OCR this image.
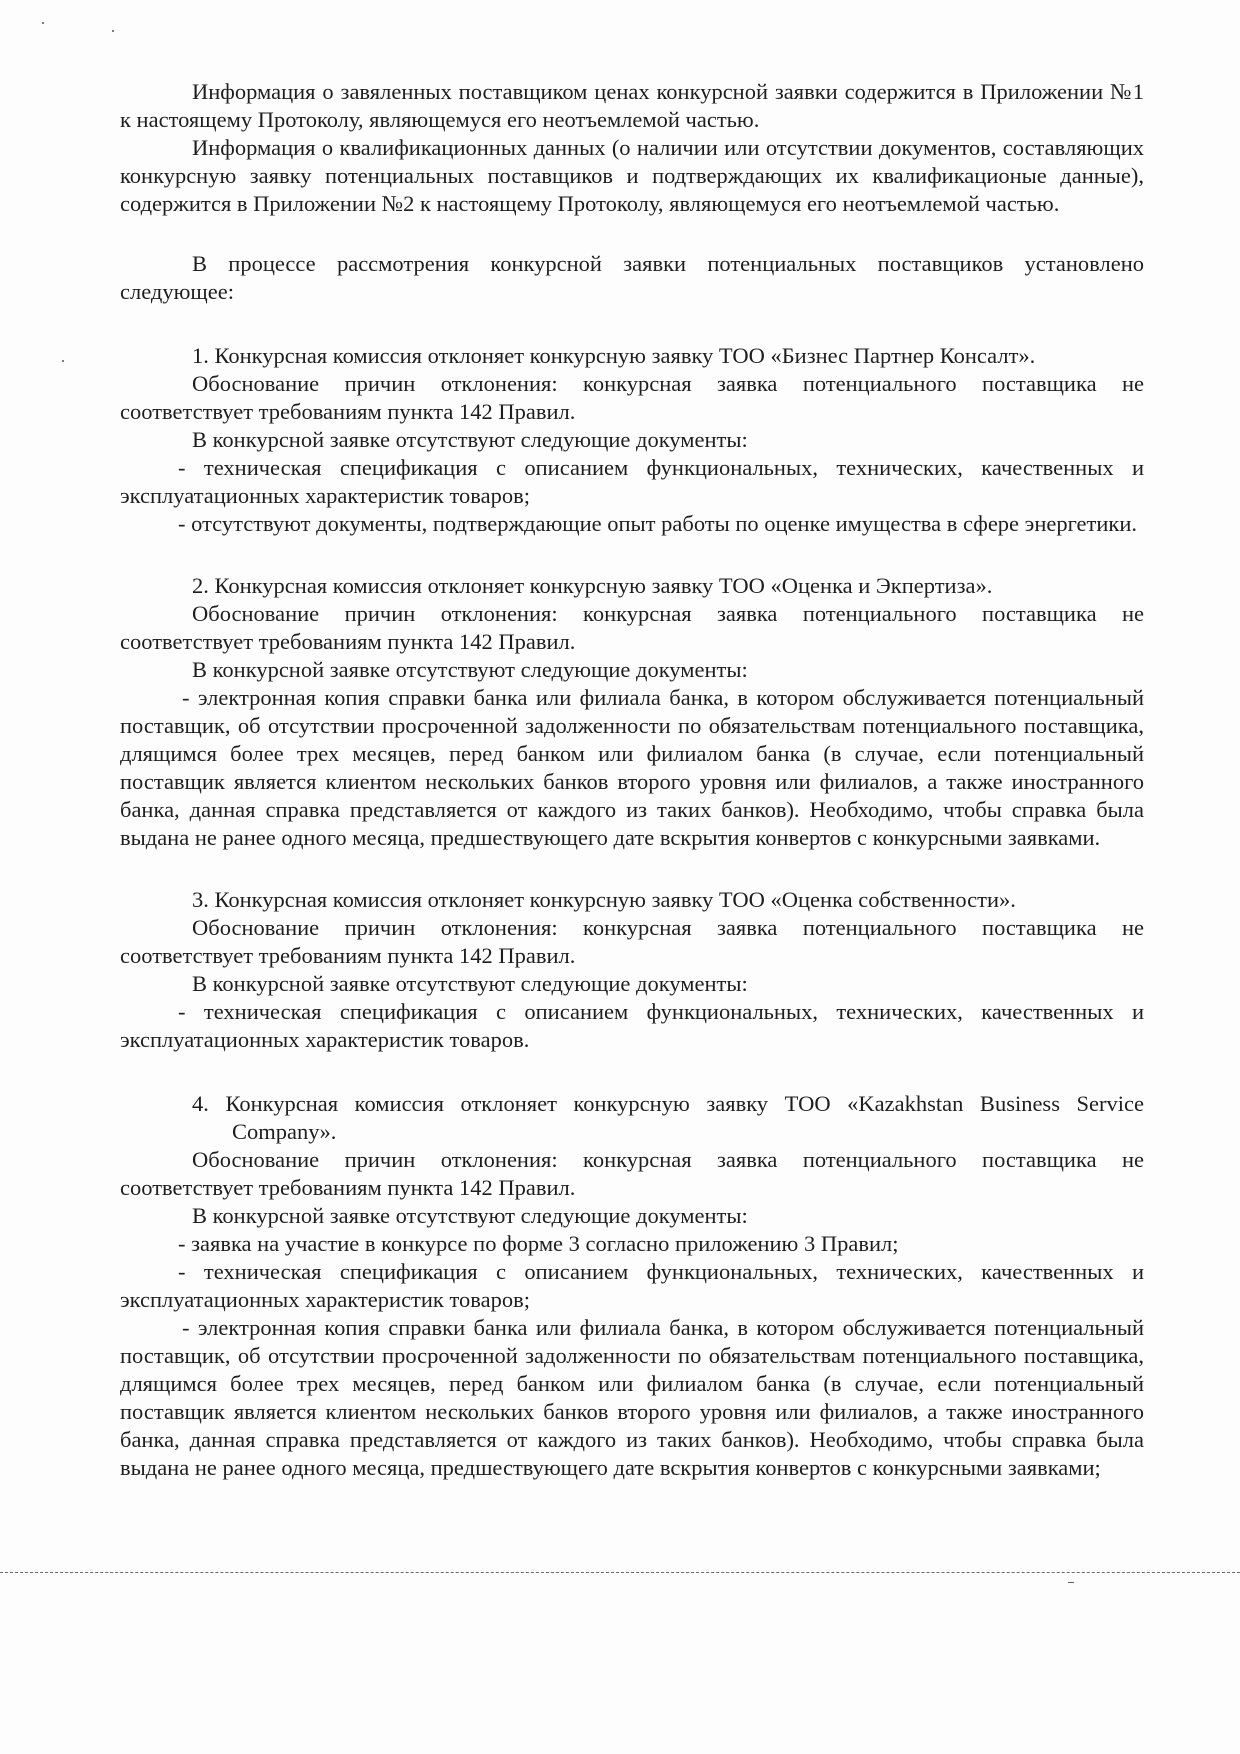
Информация о завяленных поставщиком ценах конкурсной заявки содержится в Приложении №1 к настоящему Протоколу, являющемуся его неотъемлемой частью.

Информация о квалификационных данных (о наличии или отсутствии документов, составляющих конкурсную заявку потенциальных поставщиков и подтверждающих их квалификационые данные), содержится в Приложении №2 к настоящему Протоколу, являющемуся его неотъемлемой частью.

В процессе рассмотрения конкурсной заявки потенциальных поставщиков установлено следующее:

1. Конкурсная комиссия отклоняет конкурсную заявку ТОО «Бизнес Партнер Консалт».

Обоснование причин отклонения: конкурсная заявка потенциального поставщика не соответствует требованиям пункта 142 Правил.

В конкурсной заявке отсутствуют следующие документы:

- техническая спецификация с описанием функциональных, технических, качественных и эксплуатационных характеристик товаров;

- отсутствуют документы, подтверждающие опыт работы по оценке имущества в сфере энергетики.

2. Конкурсная комиссия отклоняет конкурсную заявку ТОО «Оценка и Экпертиза».

Обоснование причин отклонения: конкурсная заявка потенциального поставщика не соответствует требованиям пункта 142 Правил.

В конкурсной заявке отсутствуют следующие документы:

- электронная копия справки банка или филиала банка, в котором обслуживается потенциальный поставщик, об отсутствии просроченной задолженности по обязательствам потенциального поставщика, длящимся более трех месяцев, перед банком или филиалом банка (в случае, если потенциальный поставщик является клиентом нескольких банков второго уровня или филиалов, а также иностранного банка, данная справка представляется от каждого из таких банков). Необходимо, чтобы справка была выдана не ранее одного месяца, предшествующего дате вскрытия конвертов с конкурсными заявками.

3. Конкурсная комиссия отклоняет конкурсную заявку ТОО «Оценка собственности».

Обоснование причин отклонения: конкурсная заявка потенциального поставщика не соответствует требованиям пункта 142 Правил.

В конкурсной заявке отсутствуют следующие документы:

- техническая спецификация с описанием функциональных, технических, качественных и эксплуатационных характеристик товаров.

4. Конкурсная комиссия отклоняет конкурсную заявку ТОО «Kazakhstan Business Service Company».

Обоснование причин отклонения: конкурсная заявка потенциального поставщика не соответствует требованиям пункта 142 Правил.

В конкурсной заявке отсутствуют следующие документы:

- заявка на участие в конкурсе по форме 3 согласно приложению 3 Правил;

- техническая спецификация с описанием функциональных, технических, качественных и эксплуатационных характеристик товаров;

- электронная копия справки банка или филиала банка, в котором обслуживается потенциальный поставщик, об отсутствии просроченной задолженности по обязательствам потенциального поставщика, длящимся более трех месяцев, перед банком или филиалом банка (в случае, если потенциальный поставщик является клиентом нескольких банков второго уровня или филиалов, а также иностранного банка, данная справка представляется от каждого из таких банков). Необходимо, чтобы справка была выдана не ранее одного месяца, предшествующего дате вскрытия конвертов с конкурсными заявками;
